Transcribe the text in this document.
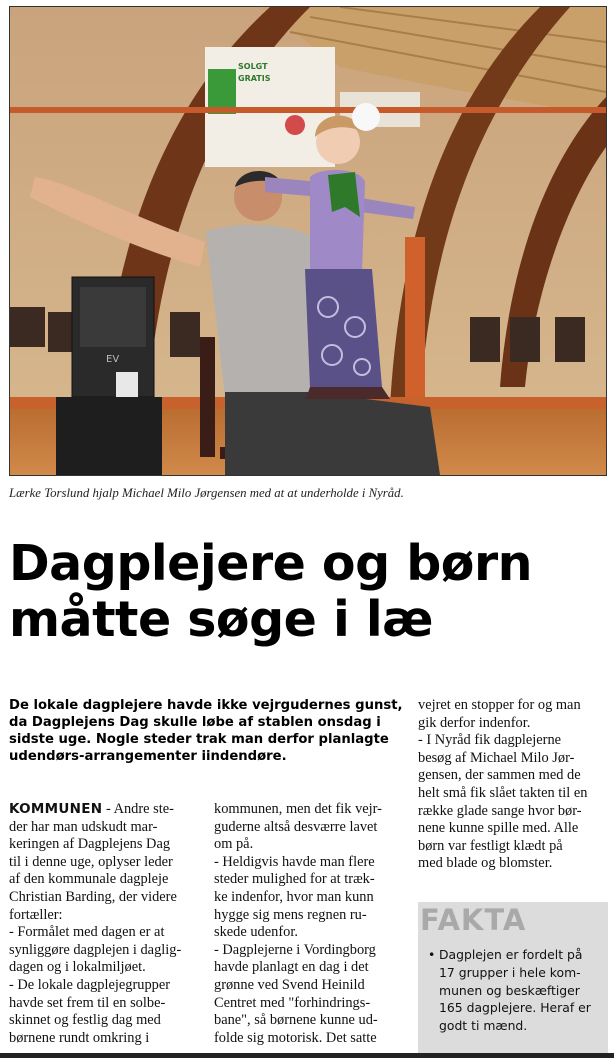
SOLGT
GRATIS
EV
Lærke Torslund hjalp Michael Milo Jørgensen med at at underholde i Nyråd.
Dagplejere og børn
måtte søge i læ
De lokale dagplejere havde ikke vejrgudernes gunst,
da Dagplejens Dag skulle løbe af stablen onsdag i
sidste uge. Nogle steder trak man derfor planlagte
udendørs-arrangementer iindendøre.
KOMMUNEN - Andre ste-
der har man udskudt mar-
keringen af Dagplejens Dag
til i denne uge, oplyser leder
af den kommunale dagpleje
Christian Barding, der videre
fortæller:
- Formålet med dagen er at
synliggøre dagplejen i daglig-
dagen og i lokalmiljøet.
- De lokale dagplejegrupper
havde set frem til en solbe-
skinnet og festlig dag med
børnene rundt omkring i
kommunen, men det fik vejr-
guderne altså desværre lavet
om på.
- Heldigvis havde man flere
steder mulighed for at træk-
ke indenfor, hvor man kunn
hygge sig mens regnen ru-
skede udenfor.
- Dagplejerne i Vordingborg
havde planlagt en dag i det
grønne ved Svend Heinild
Centret med "forhindrings-
bane", så børnene kunne ud-
folde sig motorisk. Det satte
vejret en stopper for og man
gik derfor indenfor.
- I Nyråd fik dagplejerne
besøg af Michael Milo Jør-
gensen, der sammen med de
helt små fik slået takten til en
række glade sange hvor bør-
nene kunne spille med. Alle
børn var festligt klædt på
med blade og blomster.
FAKTA
• Dagplejen er fordelt på
17 grupper i hele kom-
munen og beskæftiger
165 dagplejere. Heraf er
godt ti mænd.
